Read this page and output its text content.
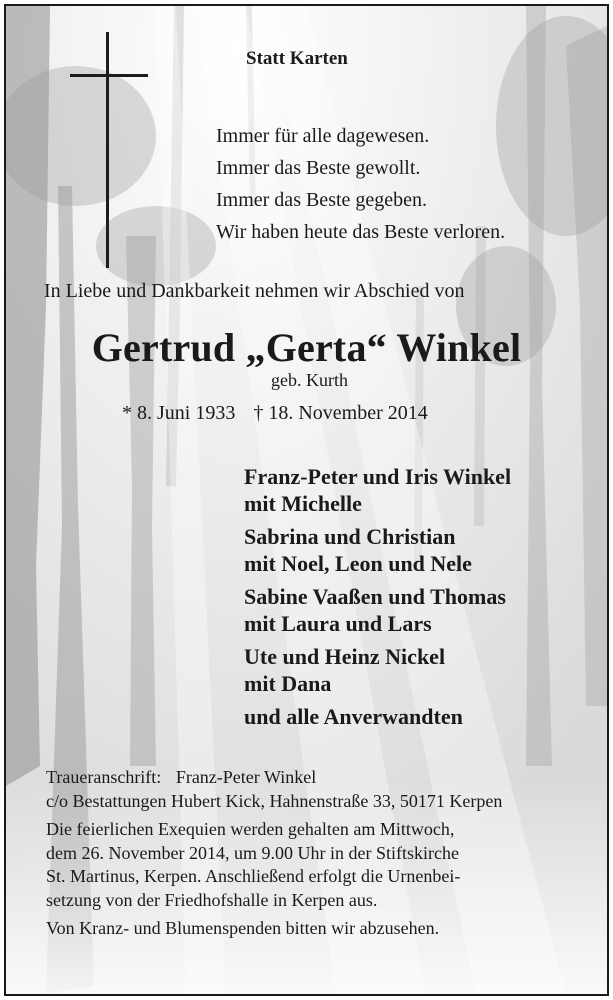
Statt Karten
Immer für alle dagewesen.
Immer das Beste gewollt.
Immer das Beste gegeben.
Wir haben heute das Beste verloren.
In Liebe und Dankbarkeit nehmen wir Abschied von
Gertrud „Gerta“ Winkel
geb. Kurth
* 8. Juni 1933 † 18. November 2014
Franz-Peter und Iris Winkel
mit Michelle
Sabrina und Christian
mit Noel, Leon und Nele
Sabine Vaaßen und Thomas
mit Laura und Lars
Ute und Heinz Nickel
mit Dana
und alle Anverwandten
Traueranschrift: Franz-Peter Winkel
c/o Bestattungen Hubert Kick, Hahnenstraße 33, 50171 Kerpen
Die feierlichen Exequien werden gehalten am Mittwoch,
dem 26. November 2014, um 9.00 Uhr in der Stiftskirche
St. Martinus, Kerpen. Anschließend erfolgt die Urnenbei-
setzung von der Friedhofshalle in Kerpen aus.
Von Kranz- und Blumenspenden bitten wir abzusehen.
